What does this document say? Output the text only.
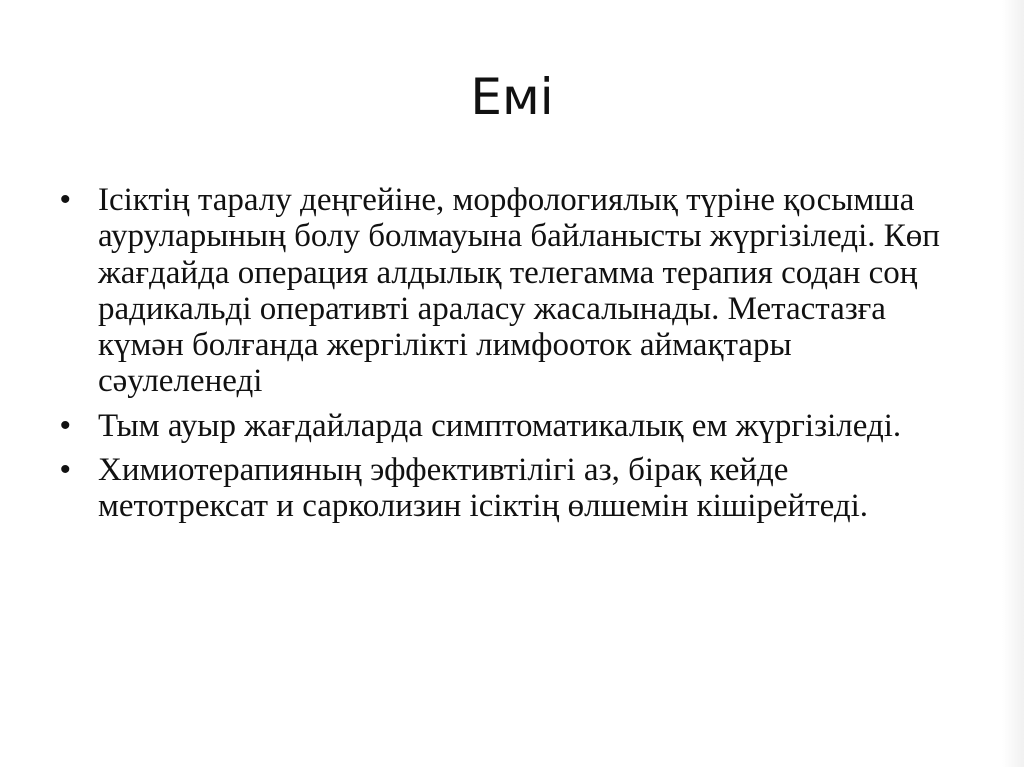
Емі
• Ісіктің таралу деңгейіне, морфологиялық түріне қосымша ауруларының болу болмауына байланысты жүргізіледі. Көп жағдайда операция алдылық телегамма терапия содан соң радикальді оперативті араласу жасалынады. Метастазға күмән болғанда жергілікті лимфооток аймақтары сәулеленеді
• Тым ауыр жағдайларда симптоматикалық ем жүргізіледі.
• Химиотерапияның эффективтілігі аз, бірақ кейде метотрексат и сарколизин ісіктің өлшемін кішірейтеді.
